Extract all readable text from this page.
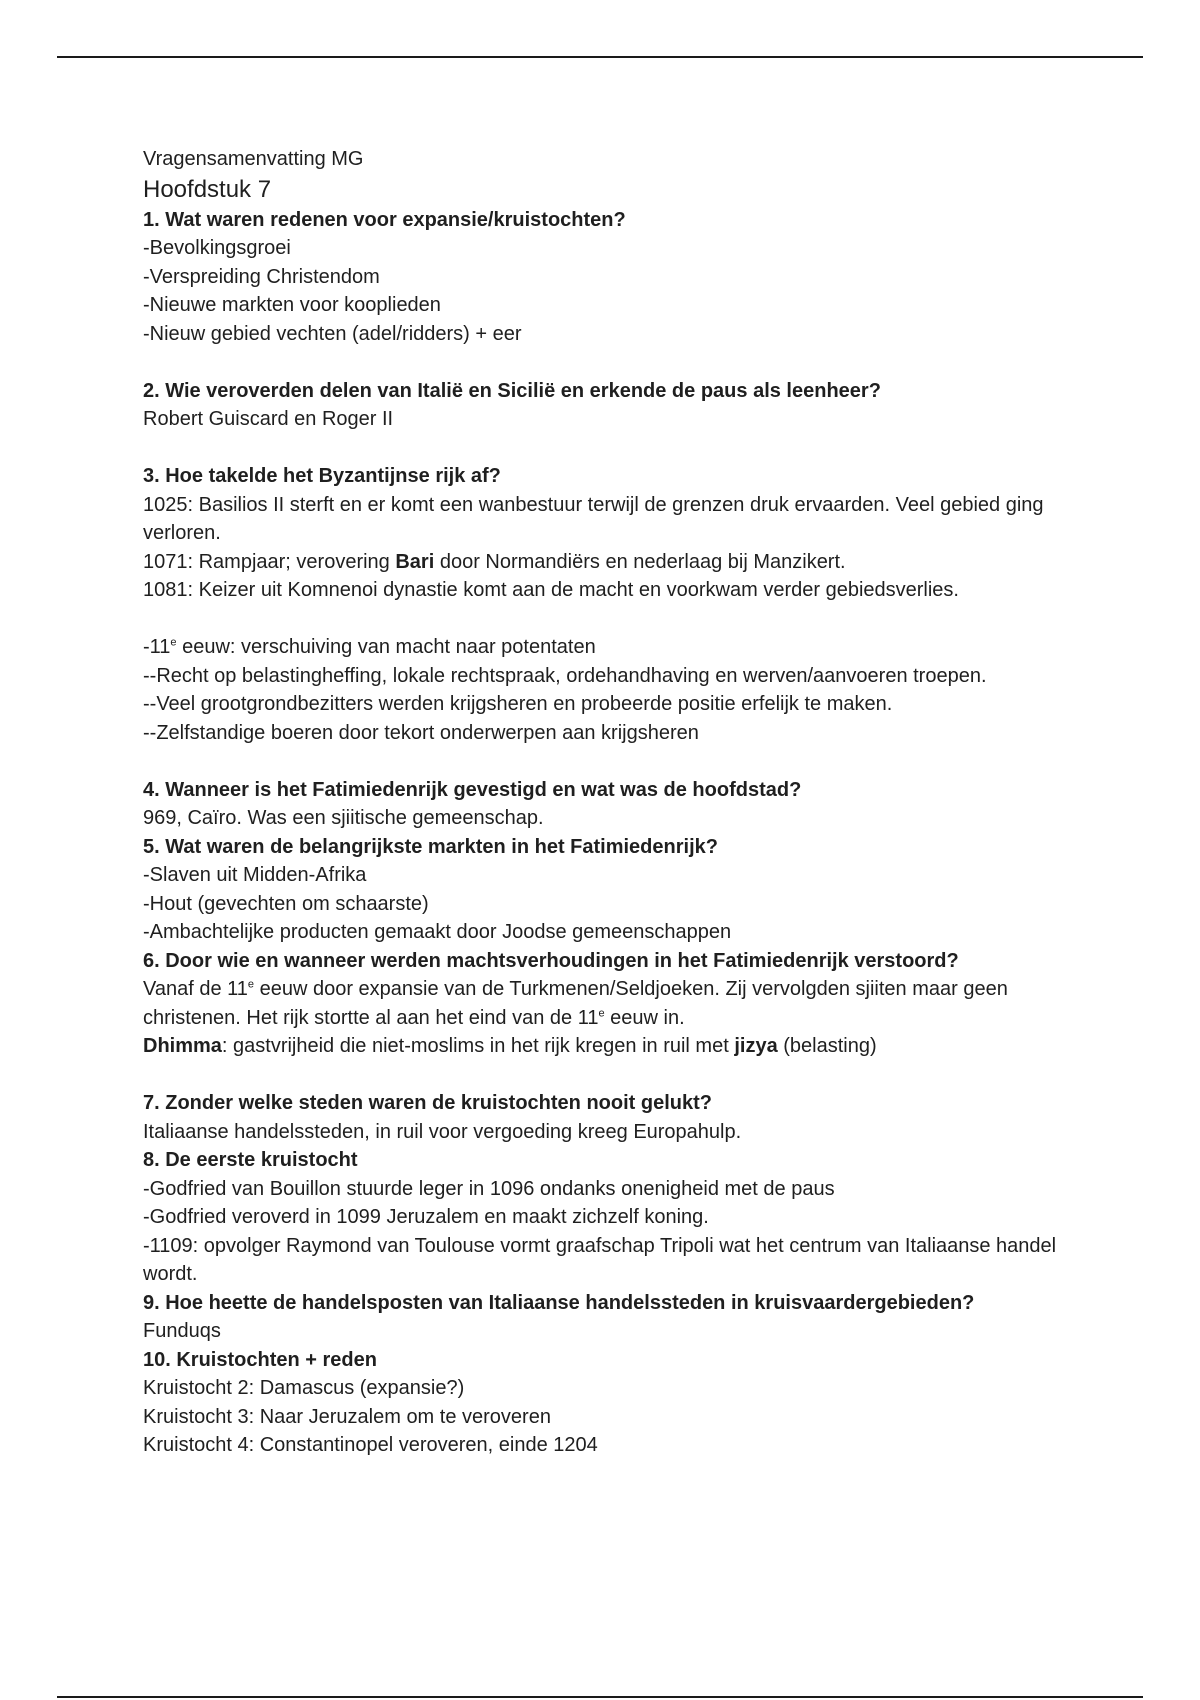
Vragensamenvatting MG
Hoofdstuk 7
1. Wat waren redenen voor expansie/kruistochten?
-Bevolkingsgroei
-Verspreiding Christendom
-Nieuwe markten voor kooplieden
-Nieuw gebied vechten (adel/ridders) + eer
2. Wie veroverden delen van Italië en Sicilië en erkende de paus als leenheer?
Robert Guiscard en Roger II
3. Hoe takelde het Byzantijnse rijk af?
1025: Basilios II sterft en er komt een wanbestuur terwijl de grenzen druk ervaarden. Veel gebied ging verloren.
1071: Rampjaar; verovering Bari door Normandiërs en nederlaag bij Manzikert.
1081: Keizer uit Komnenoi dynastie komt aan de macht en voorkwam verder gebiedsverlies.
-11e eeuw: verschuiving van macht naar potentaten
--Recht op belastingheffing, lokale rechtspraak, ordehandhaving en werven/aanvoeren troepen.
--Veel grootgrondbezitters werden krijgsheren en probeerde positie erfelijk te maken.
--Zelfstandige boeren door tekort onderwerpen aan krijgsheren
4. Wanneer is het Fatimiedenrijk gevestigd en wat was de hoofdstad?
969, Caïro. Was een sjiitische gemeenschap.
5. Wat waren de belangrijkste markten in het Fatimiedenrijk?
-Slaven uit Midden-Afrika
-Hout (gevechten om schaarste)
-Ambachtelijke producten gemaakt door Joodse gemeenschappen
6. Door wie en wanneer werden machtsverhoudingen in het Fatimiedenrijk verstoord?
Vanaf de 11e eeuw door expansie van de Turkmenen/Seldjoeken. Zij vervolgden sjiiten maar geen christenen. Het rijk stortte al aan het eind van de 11e eeuw in.
Dhimma: gastvrijheid die niet-moslims in het rijk kregen in ruil met jizya (belasting)
7. Zonder welke steden waren de kruistochten nooit gelukt?
Italiaanse handelssteden, in ruil voor vergoeding kreeg Europahulp.
8. De eerste kruistocht
-Godfried van Bouillon stuurde leger in 1096 ondanks onenigheid met de paus
-Godfried veroverd in 1099 Jeruzalem en maakt zichzelf koning.
-1109: opvolger Raymond van Toulouse vormt graafschap Tripoli wat het centrum van Italiaanse handel wordt.
9. Hoe heette de handelsposten van Italiaanse handelssteden in kruisvaardergebieden?
Funduqs
10. Kruistochten + reden
Kruistocht 2: Damascus (expansie?)
Kruistocht 3: Naar Jeruzalem om te veroveren
Kruistocht 4: Constantinopel veroveren, einde 1204
